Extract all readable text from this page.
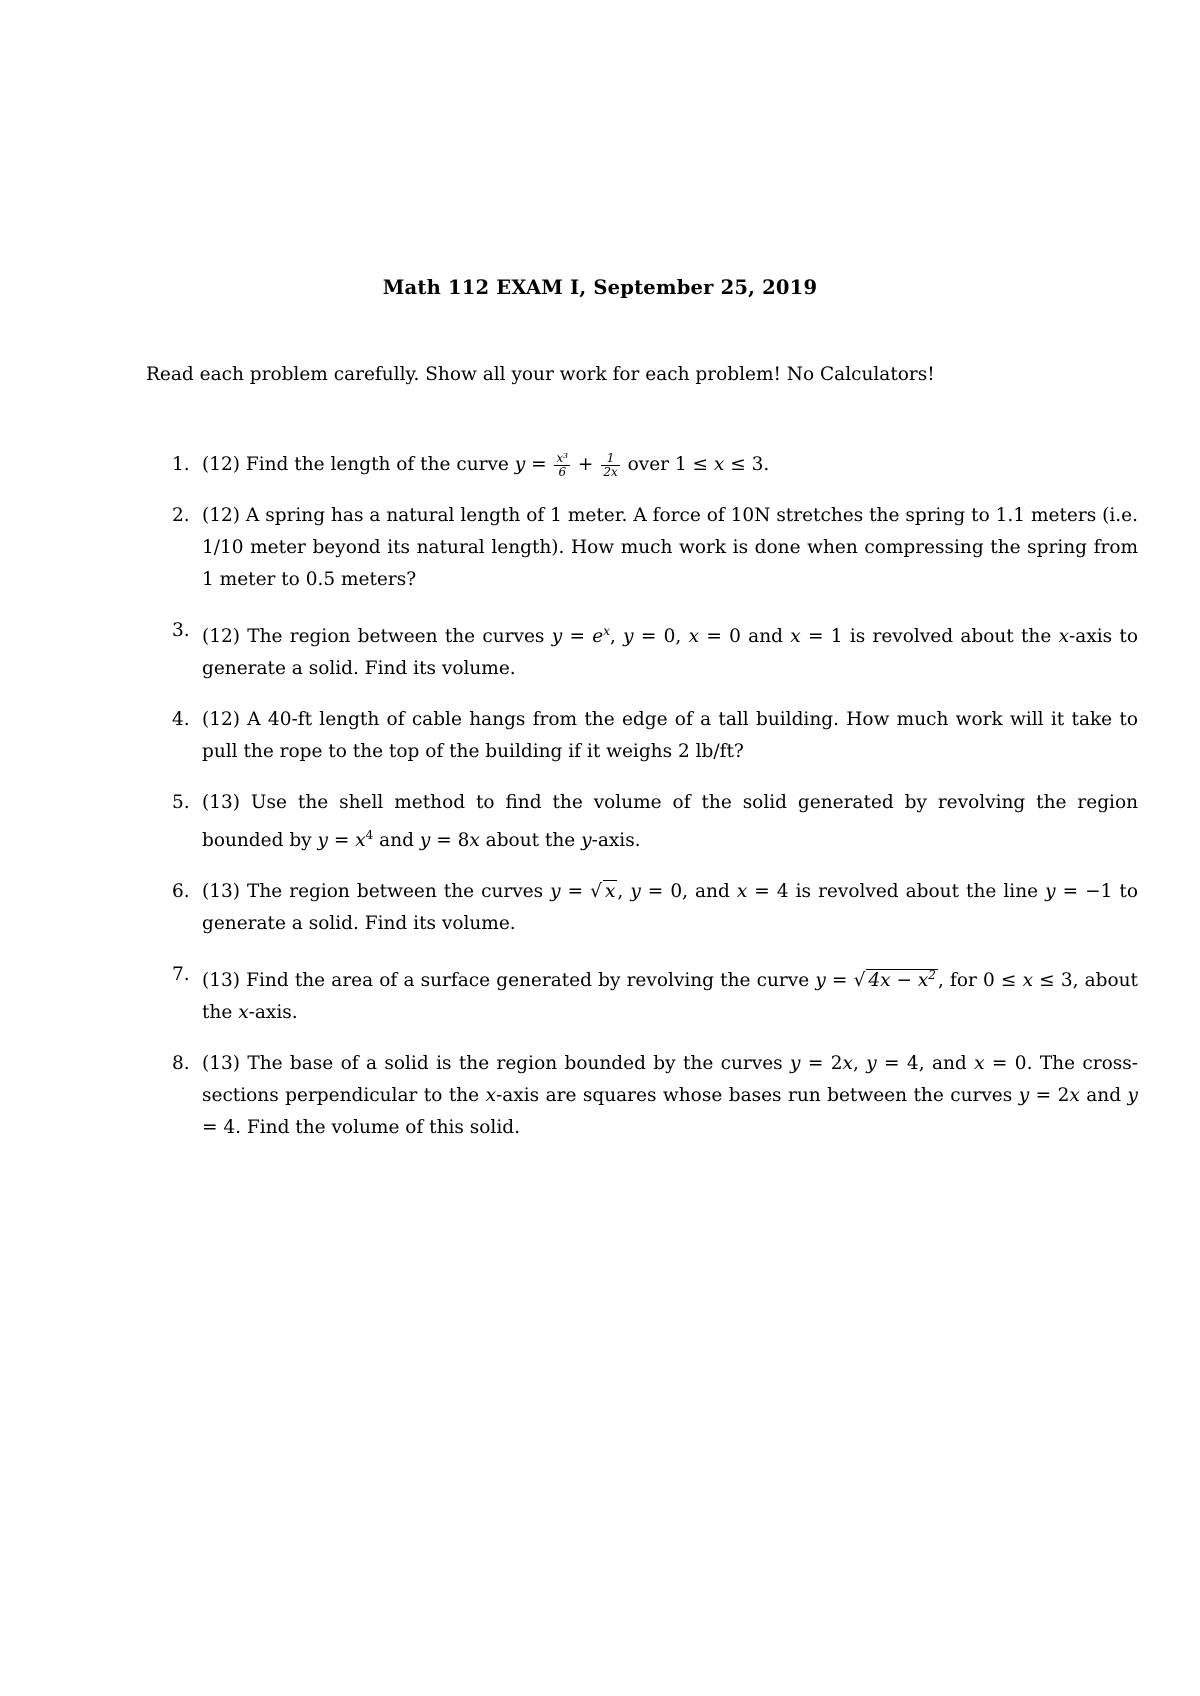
Math 112 EXAM I, September 25, 2019
Read each problem carefully. Show all your work for each problem! No Calculators!
1. (12) Find the length of the curve $y = \frac{\text{x³}}{6} + \frac{1}{2x}$ over 1 ≤ x ≤ 3.
2. (12) A spring has a natural length of 1 meter. A force of 10N stretches the spring to 1.1 meters (i.e. 1/10 meter beyond its natural length). How much work is done when compressing the spring from 1 meter to 0.5 meters?
3. (12) The region between the curves $y = e^x$, y = 0, x = 0 and x = 1 is revolved about the x-axis to generate a solid. Find its volume.
4. (12) A 40-ft length of cable hangs from the edge of a tall building. How much work will it take to pull the rope to the top of the building if it weighs 2 lb/ft?
5. (13) Use the shell method to find the volume of the solid generated by revolving the region bounded by $y = x^4$ and y = 8x about the y-axis.
6. (13) The region between the curves y = √ x , y = 0, and x = 4 is revolved about the line y = −1 to generate a solid. Find its volume.
7. (13) Find the area of a surface generated by revolving the curve y = √ $4x - x^2$ , for 0 ≤ x ≤ 3, about the x-axis.
8. (13) The base of a solid is the region bounded by the curves y = 2x, y = 4, and x = 0. The cross-sections perpendicular to the x-axis are squares whose bases run between the curves y = 2x and y = 4. Find the volume of this solid.
